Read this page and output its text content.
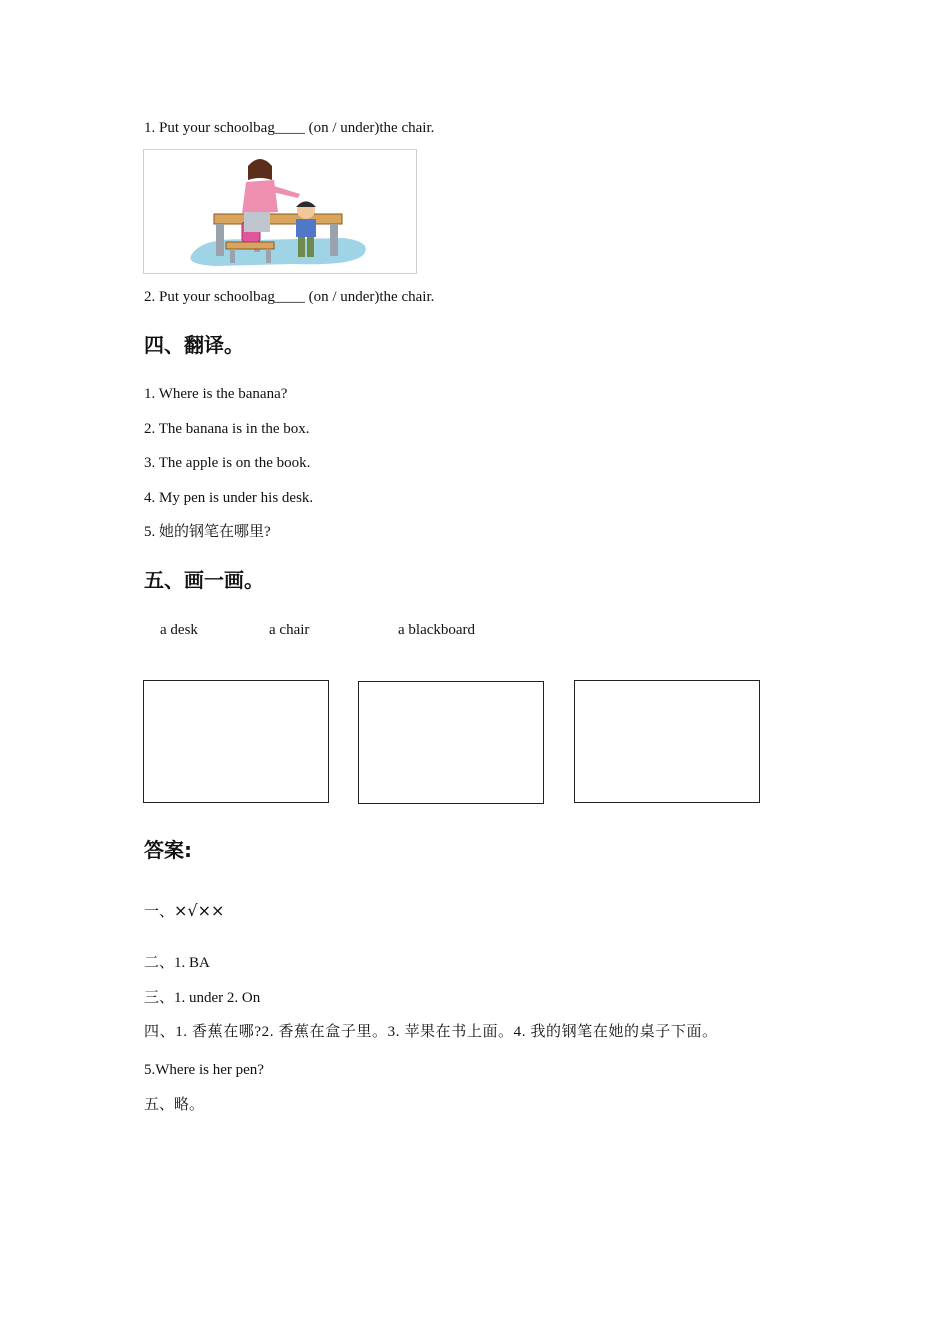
1. Put your schoolbag____ (on / under)the chair.
2. Put your schoolbag____ (on / under)the chair.
四、翻译。
1. Where is the banana?
2. The banana is in the box.
3. The apple is on the book.
4. My pen is under his desk.
5. 她的钢笔在哪里?
五、画一画。
a desk	a chair	a blackboard
答案:
一、×√××
二、1. BA
三、1. under 2. On
四、1. 香蕉在哪?2. 香蕉在盒子里。3. 苹果在书上面。4. 我的钢笔在她的桌子下面。
5.Where is her pen?
五、略。
